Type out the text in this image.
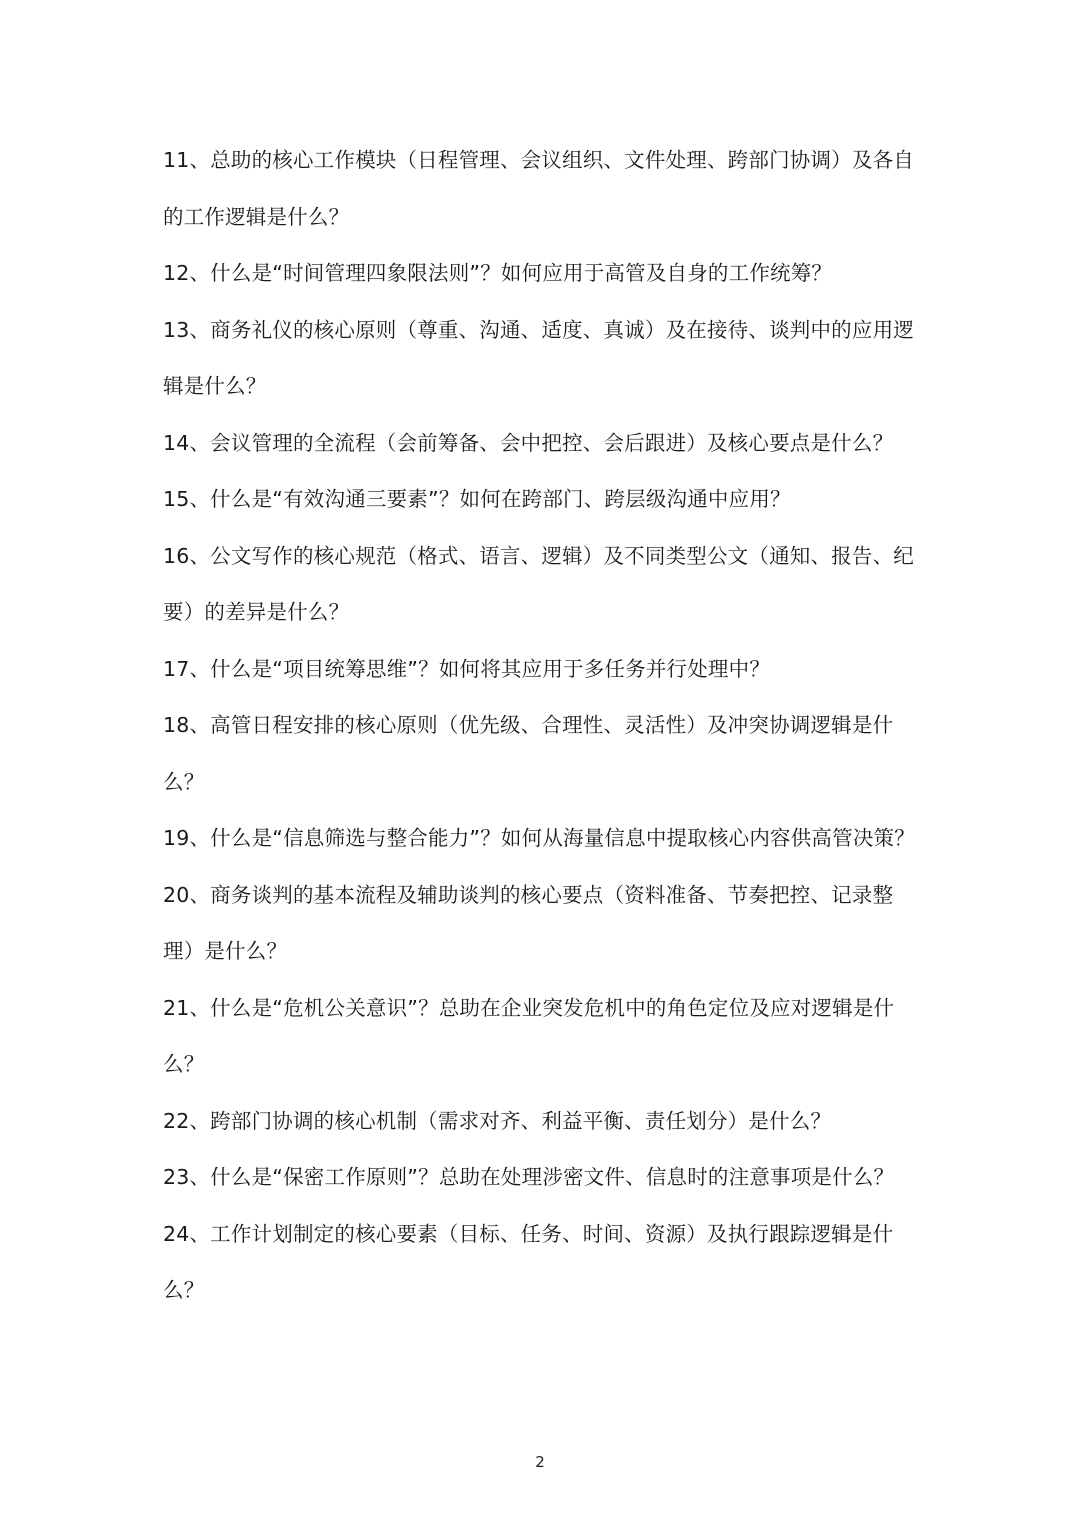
11、总助的核心工作模块（日程管理、会议组织、文件处理、跨部门协调）及各自的工作逻辑是什么？

12、什么是“时间管理四象限法则”？如何应用于高管及自身的工作统筹？

13、商务礼仪的核心原则（尊重、沟通、适度、真诚）及在接待、谈判中的应用逻辑是什么？

14、会议管理的全流程（会前筹备、会中把控、会后跟进）及核心要点是什么？

15、什么是“有效沟通三要素”？如何在跨部门、跨层级沟通中应用？

16、公文写作的核心规范（格式、语言、逻辑）及不同类型公文（通知、报告、纪要）的差异是什么？

17、什么是“项目统筹思维”？如何将其应用于多任务并行处理中？

18、高管日程安排的核心原则（优先级、合理性、灵活性）及冲突协调逻辑是什么？

19、什么是“信息筛选与整合能力”？如何从海量信息中提取核心内容供高管决策？

20、商务谈判的基本流程及辅助谈判的核心要点（资料准备、节奏把控、记录整理）是什么？

21、什么是“危机公关意识”？总助在企业突发危机中的角色定位及应对逻辑是什么？

22、跨部门协调的核心机制（需求对齐、利益平衡、责任划分）是什么？

23、什么是“保密工作原则”？总助在处理涉密文件、信息时的注意事项是什么？

24、工作计划制定的核心要素（目标、任务、时间、资源）及执行跟踪逻辑是什么？

2
